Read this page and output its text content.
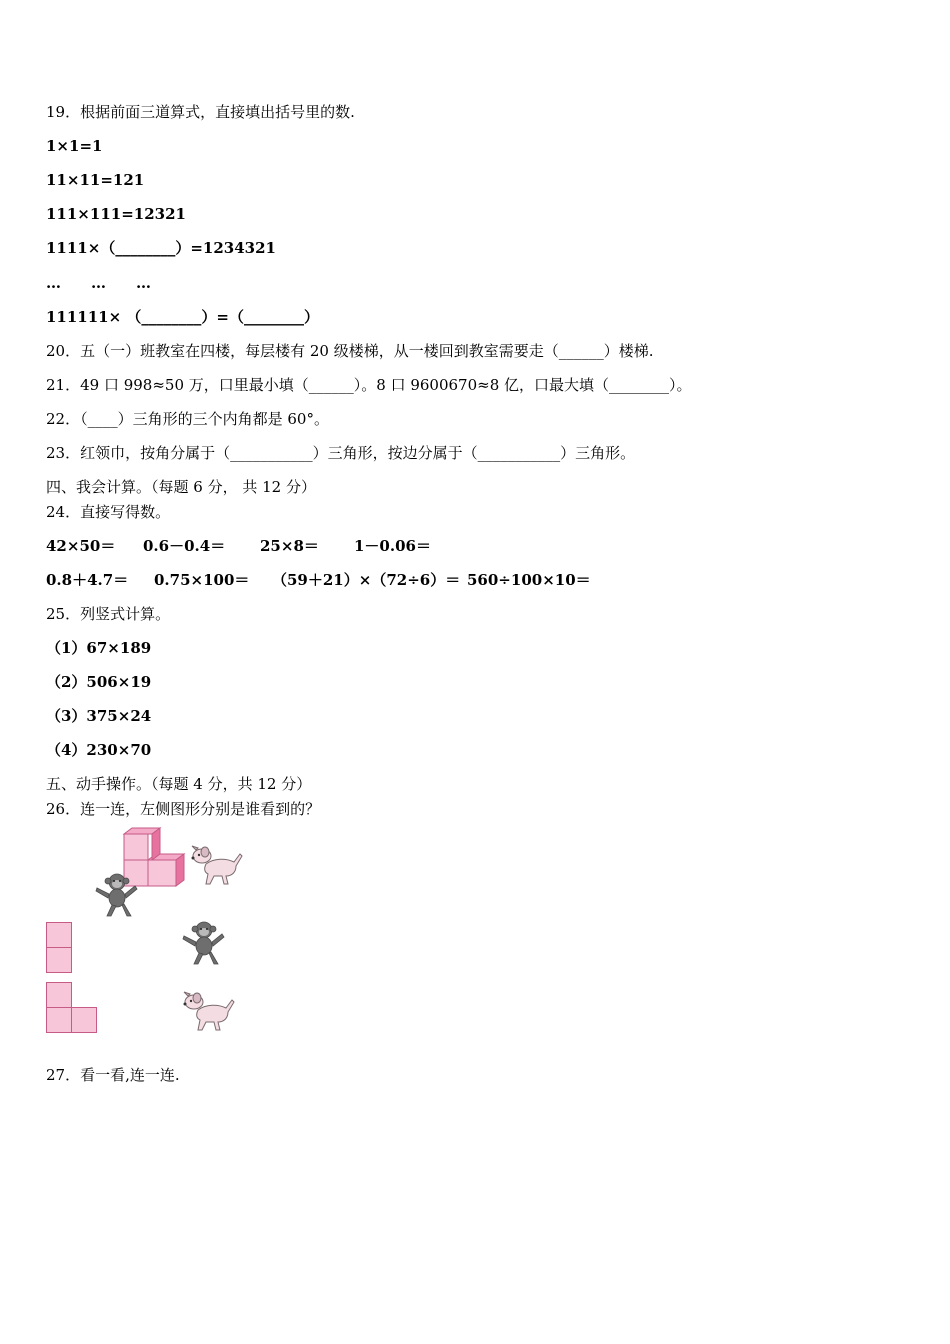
19．根据前面三道算式，直接填出括号里的数.
1×1=1
11×11=121
111×111=12321
1111×（________）=1234321
…　　…　　…
111111× （________）=（________）
20．五（一）班教室在四楼，每层楼有 20 级楼梯，从一楼回到教室需要走（______）楼梯.
21．49 口 998≈50 万，口里最小填（______）。8 口 9600670≈8 亿，口最大填（________）。
22．（____）三角形的三个内角都是 60°。
23．红领巾，按角分属于（___________）三角形，按边分属于（___________）三角形。
四、我会计算。（每题 6 分， 共 12 分）
24．直接写得数。
42×50＝ 0.6－0.4＝ 25×8＝ 1－0.06＝
0.8＋4.7＝ 0.75×100＝ （59＋21）×（72÷6）＝ 560÷100×10＝
25．列竖式计算。
（1）67×189
（2）506×19
（3）375×24
（4）230×70
五、动手操作。（每题 4 分，共 12 分）
26．连一连，左侧图形分别是谁看到的？
27．看一看,连一连.
